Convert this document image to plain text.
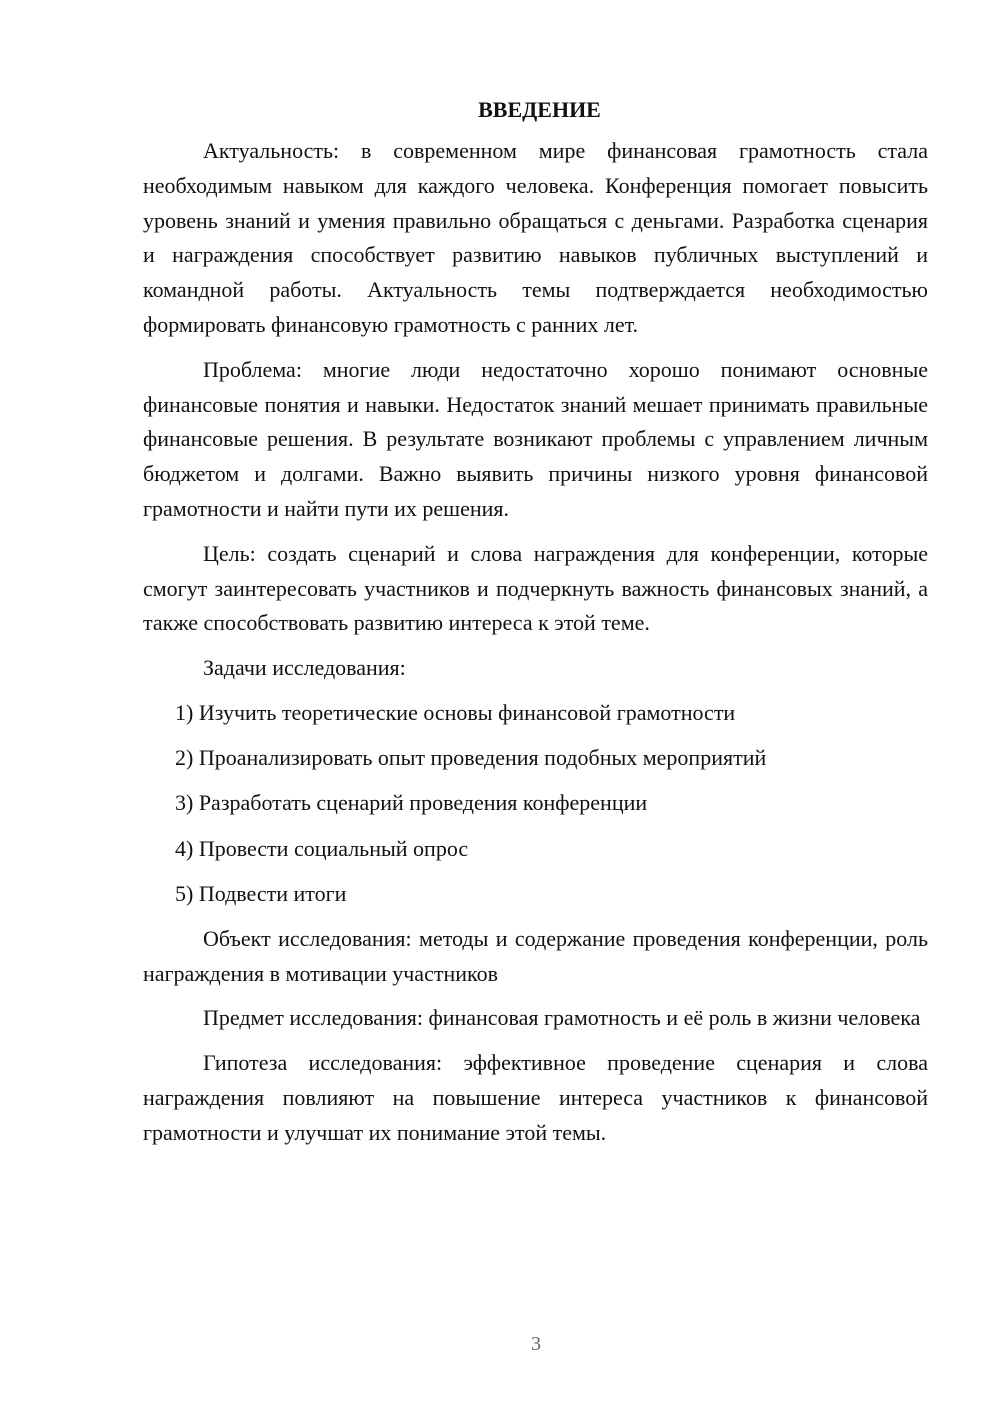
ВВЕДЕНИЕ

Актуальность: в современном мире финансовая грамотность стала необходимым навыком для каждого человека. Конференция помогает повысить уровень знаний и умения правильно обращаться с деньгами. Разработка сценария и награждения способствует развитию навыков публичных выступлений и командной работы. Актуальность темы подтверждается необходимостью формировать финансовую грамотность с ранних лет.

Проблема: многие люди недостаточно хорошо понимают основные финансовые понятия и навыки. Недостаток знаний мешает принимать правильные финансовые решения. В результате возникают проблемы с управлением личным бюджетом и долгами. Важно выявить причины низкого уровня финансовой грамотности и найти пути их решения.

Цель: создать сценарий и слова награждения для конференции, которые смогут заинтересовать участников и подчеркнуть важность финансовых знаний, а также способствовать развитию интереса к этой теме.

Задачи исследования:

1) Изучить теоретические основы финансовой грамотности
2) Проанализировать опыт проведения подобных мероприятий
3) Разработать сценарий проведения конференции
4) Провести социальный опрос
5) Подвести итоги

Объект исследования: методы и содержание проведения конференции, роль награждения в мотивации участников

Предмет исследования: финансовая грамотность и её роль в жизни человека

Гипотеза исследования: эффективное проведение сценария и слова награждения повлияют на повышение интереса участников к финансовой грамотности и улучшат их понимание этой темы.

3
